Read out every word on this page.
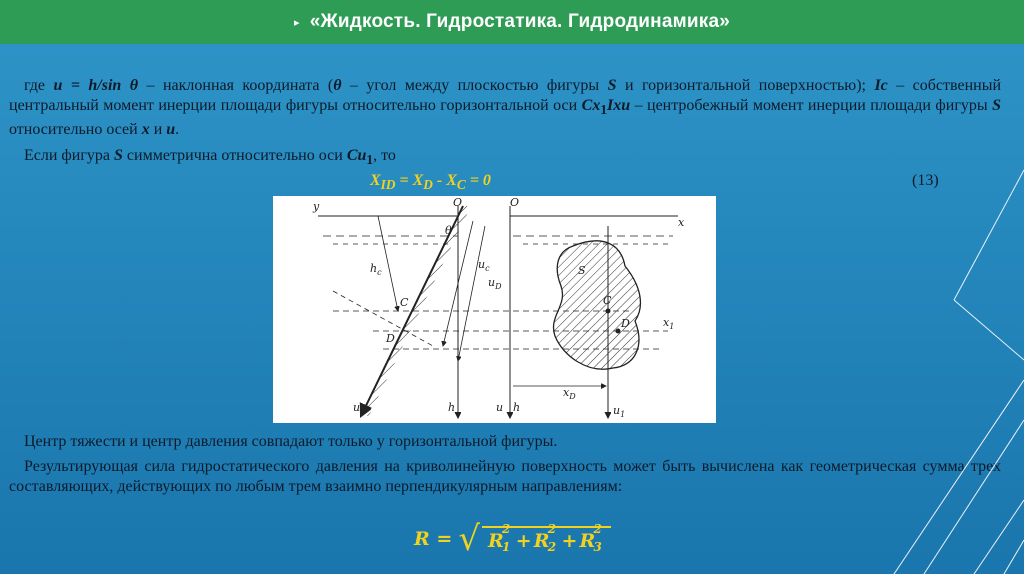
▸ «Жидкость. Гидростатика. Гидродинамика»
где u = h/sin θ – наклонная координата (θ – угол между плоскостью фигуры S и горизонтальной поверхностью); Ic – собственный центральный момент инерции площади фигуры относительно горизонтальной оси $Cx_1Ixu$ – центробежный момент инерции площади фигуры S относительно осей x и u.
Если фигура S симметрична относительно оси $Cu_1$, то
$X_{ID} = X_D - X_C = 0$	(13)
y	O	O
x
θ
$h_c$
$u_c$
$u_D$
C
D
S
C
D	$x_1$
$x_D$
u	h	u h	$u_1$
Центр тяжести и центр давления совпадают только у горизонтальной фигуры.
Результирующая сила гидростатического давления на криволинейную поверхность может быть вычислена как геометрическая сумма трех составляющих, действующих по любым трем взаимно перпендикулярным направлениям:
R = √ R
2
1 + R
2
2 + R
2
3
